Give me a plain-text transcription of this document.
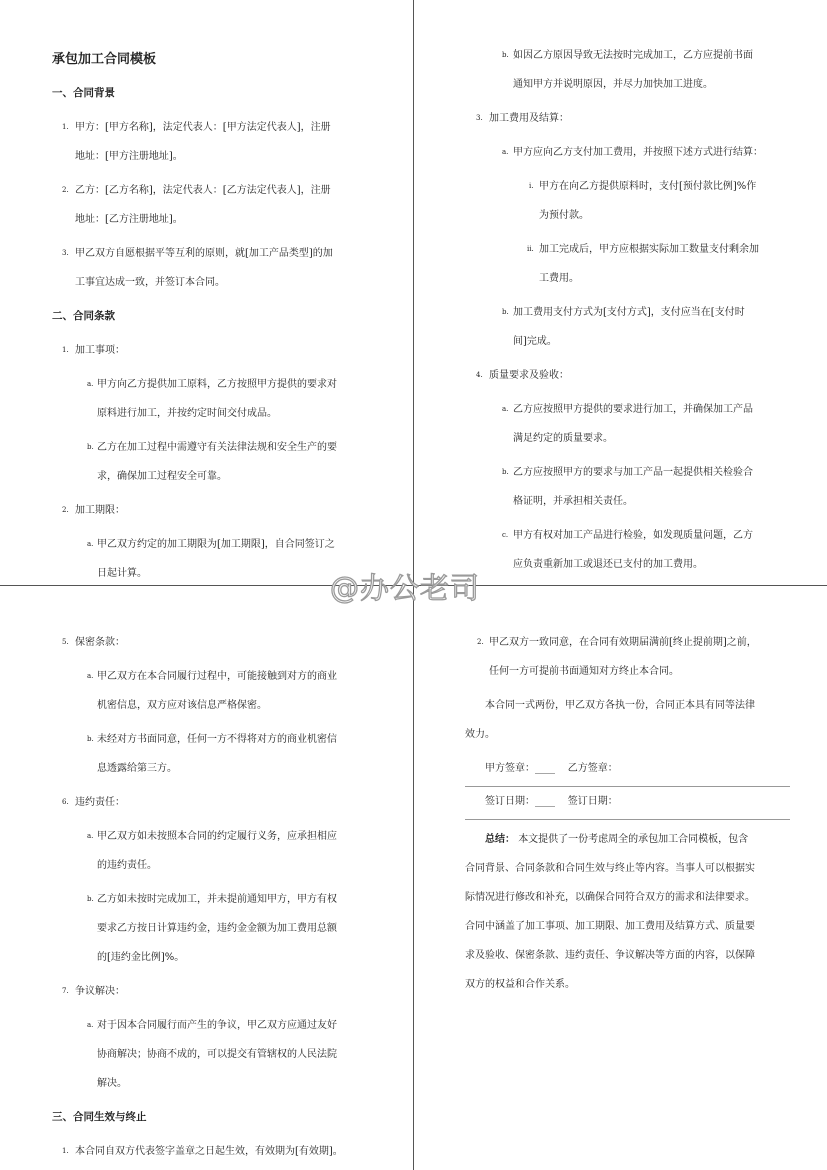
承包加工合同模板

一、合同背景

1. 甲方：[甲方名称]，法定代表人：[甲方法定代表人]，注册

地址：[甲方注册地址]。

2. 乙方：[乙方名称]，法定代表人：[乙方法定代表人]，注册

地址：[乙方注册地址]。

3. 甲乙双方自愿根据平等互利的原则，就[加工产品类型]的加

工事宜达成一致，并签订本合同。

二、合同条款

1. 加工事项：

a. 甲方向乙方提供加工原料，乙方按照甲方提供的要求对

原料进行加工，并按约定时间交付成品。

b. 乙方在加工过程中需遵守有关法律法规和安全生产的要

求，确保加工过程安全可靠。

2. 加工期限：

a. 甲乙双方约定的加工期限为[加工期限]，自合同签订之

日起计算。

b. 如因乙方原因导致无法按时完成加工，乙方应提前书面

通知甲方并说明原因，并尽力加快加工进度。

3. 加工费用及结算：

a. 甲方应向乙方支付加工费用，并按照下述方式进行结算：

i. 甲方在向乙方提供原料时，支付[预付款比例]%作

为预付款。

ii. 加工完成后，甲方应根据实际加工数量支付剩余加

工费用。

b. 加工费用支付方式为[支付方式]，支付应当在[支付时

间]完成。

4. 质量要求及验收：

a. 乙方应按照甲方提供的要求进行加工，并确保加工产品

满足约定的质量要求。

b. 乙方应按照甲方的要求与加工产品一起提供相关检验合

格证明，并承担相关责任。

c. 甲方有权对加工产品进行检验，如发现质量问题，乙方

应负责重新加工或退还已支付的加工费用。

5. 保密条款：

a. 甲乙双方在本合同履行过程中，可能接触到对方的商业

机密信息，双方应对该信息严格保密。

b. 未经对方书面同意，任何一方不得将对方的商业机密信

息透露给第三方。

6. 违约责任：

a. 甲乙双方如未按照本合同的约定履行义务，应承担相应

的违约责任。

b. 乙方如未按时完成加工，并未提前通知甲方，甲方有权

要求乙方按日计算违约金，违约金金额为加工费用总额

的[违约金比例]%。

7. 争议解决：

a. 对于因本合同履行而产生的争议，甲乙双方应通过友好

协商解决；协商不成的，可以提交有管辖权的人民法院

解决。

三、合同生效与终止

1. 本合同自双方代表签字盖章之日起生效，有效期为[有效期]。

2. 甲乙双方一致同意，在合同有效期届满前[终止提前期]之前，

任何一方可提前书面通知对方终止本合同。

本合同一式两份，甲乙双方各执一份，合同正本具有同等法律

效力。

甲方签章：____ 乙方签章：

签订日期：____ 签订日期：

总结： 本文提供了一份考虑周全的承包加工合同模板，包含

合同背景、合同条款和合同生效与终止等内容。当事人可以根据实

际情况进行修改和补充，以确保合同符合双方的需求和法律要求。

合同中涵盖了加工事项、加工期限、加工费用及结算方式、质量要

求及验收、保密条款、违约责任、争议解决等方面的内容，以保障

双方的权益和合作关系。

@办公老司
